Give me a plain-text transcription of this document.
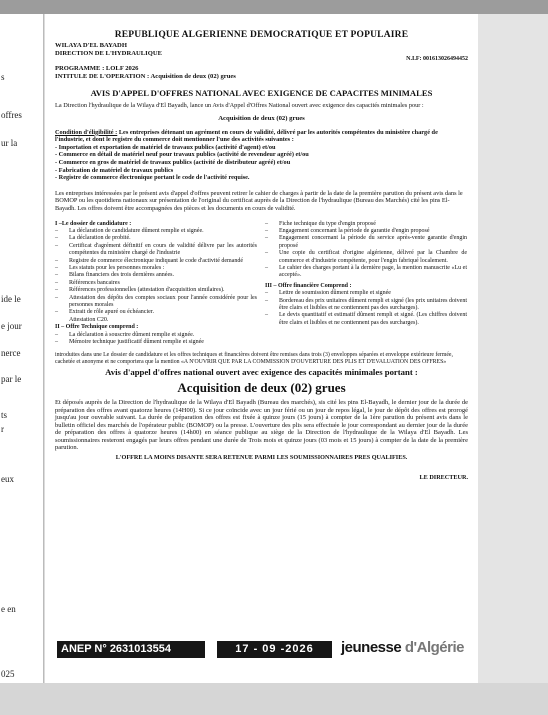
s
offres
ur la
ide le
e jour
nerce
par le
ts
r
eux
e en
025
REPUBLIQUE ALGERIENNE DEMOCRATIQUE ET POPULAIRE
WILAYA D'EL BAYADH
DIRECTION DE L'HYDRAULIQUE
N.I.F: 001613026494452
PROGRAMME : LOLF 2026
INTITULE DE L'OPERATION : Acquisition de deux (02) grues
AVIS D'APPEL D'OFFRES NATIONAL AVEC EXIGENCE DE CAPACITES MINIMALES
La Direction l'hydraulique de la Wilaya d'El Bayadh, lance un Avis d'Appel d'Offres National ouvert avec exigence des capacités minimales pour :
Acquisition de deux (02) grues
Condition d'éligibilité : Les entreprises détenant un agrément en cours de validité, délivré par les autorités compétentes du ministère chargé de l'industrie, et dont le registre du commerce doit mentionner l'une des activités suivantes :
- Importation et exportation de matériel de travaux publics (activité d'agent) et/ou
- Commerce en détail de matériel neuf pour travaux publics (activité de revendeur agréé) et/ou
- Commerce en gros de matériel de travaux publics (activité de distributeur agréé) et/ou
- Fabrication de matériel de travaux publics
- Registre de commerce électronique portant le code de l'activité requise.
Les entreprises intéressées par le présent avis d'appel d'offres peuvent retirer le cahier de charges à partir de la date de la première parution du présent avis dans le BOMOP ou les quotidiens nationaux sur présentation de l'original du certificat auprès de la Direction de l'hydraulique (Bureau des Marchés) cité les pins El-Bayadh. Les offres doivent être accompagnées des pièces et les documents en cours de validité.
I –Le dossier de candidature :
–	La déclaration de candidature dûment remplie et signée.
–	La déclaration de probité.
–	Certificat d'agrément définitif en cours de validité délivre par les autorités compétentes du ministère chargé de l'industrie
–	Registre de commerce électronique indiquant le code d'activité demandé
–	Les statuts pour les personnes morales :
–	Bilans financiers des trois dernières années.
–	Références bancaires
–	Références professionnelles (attestation d'acquisition similaires).
–	Attestation des dépôts des comptes sociaux pour l'année considérée pour les personnes morales
–	Extrait de rôle apuré ou échéancier.
Attestation C20.
II – Offre Technique comprend :
–	La déclaration à souscrire dûment remplie et signée.
–	Mémoire technique justificatif dûment remplie et signée
–	Fiche technique du type d'engin proposé
–	Engagement concernant la période de garantie d'engin proposé
–	Engagement concernant la période du service après-vente garantie d'engin proposé
–	Une copie du certificat d'origine algérienne, délivré par la Chambre de commerce et d'industrie compétente, pour l'engin fabriqué localement.
–	Le cahier des charges portant à la dernière page, la mention manuscrite «Lu et accepté».
III – Offre financière Comprend :
–	Lettre de soumission dûment remplie et signée
–	Bordereau des prix unitaires dûment rempli et signé (les prix unitaires doivent être clairs et lisibles et ne contiennent pas des surcharges).
–	Le devis quantitatif et estimatif dûment rempli et signé. (Les chiffres doivent être clairs et lisibles et ne contiennent pas des surcharges).
introduites dans une Le dossier de candidature et les offres techniques et financières doivent être remises dans trois (3) enveloppes séparées et enveloppe extérieure fermée, cachetée et anonyme et ne comportera que la mention «A N'OUVRIR QUE PAR LA COMMISSION D'OUVERTURE DES PLIS ET D'EVALUATION DES OFFRES»
Avis d'appel d'offres national ouvert avec exigence des capacités minimales portant :
Acquisition de deux (02) grues
Et déposés auprès de la Direction de l'hydraulique de la Wilaya d'El Bayadh (Bureau des marchés), sis cité les pins El-Bayadh, le dernier jour de la durée de préparation des offres avant quatorze heures (14H00). Si ce jour coïncide avec un jour férié ou un jour de repos légal, le jour de dépôt des offres est prorogé jusqu'au jour ouvrable suivant. La durée de préparation des offres est fixée à quinze jours (15 jours) à compter de la 1ère parution du présent avis dans le bulletin officiel des marchés de l'opérateur public (BOMOP) ou la presse. L'ouverture des plis sera effectuée le jour correspondant au dernier jour de la durée de préparation des offres à quatorze heures (14h00) en séance publique au siège de la Direction de l'hydraulique de la Wilaya d'El Bayadh. Les soumissionnaires resteront engagés par leurs offres pendant une durée de Trois mois et quinze jours (03 mois et 15 jours) à compter de la date de la première parution.
L'OFFRE LA MOINS DISANTE SERA RETENUE PARMI LES SOUMISSIONNAIRES PRES QUALIFIES.
LE DIRECTEUR.
ANEP N° 2631013554	17 - 09 -2026	jeunesse d'Algérie
